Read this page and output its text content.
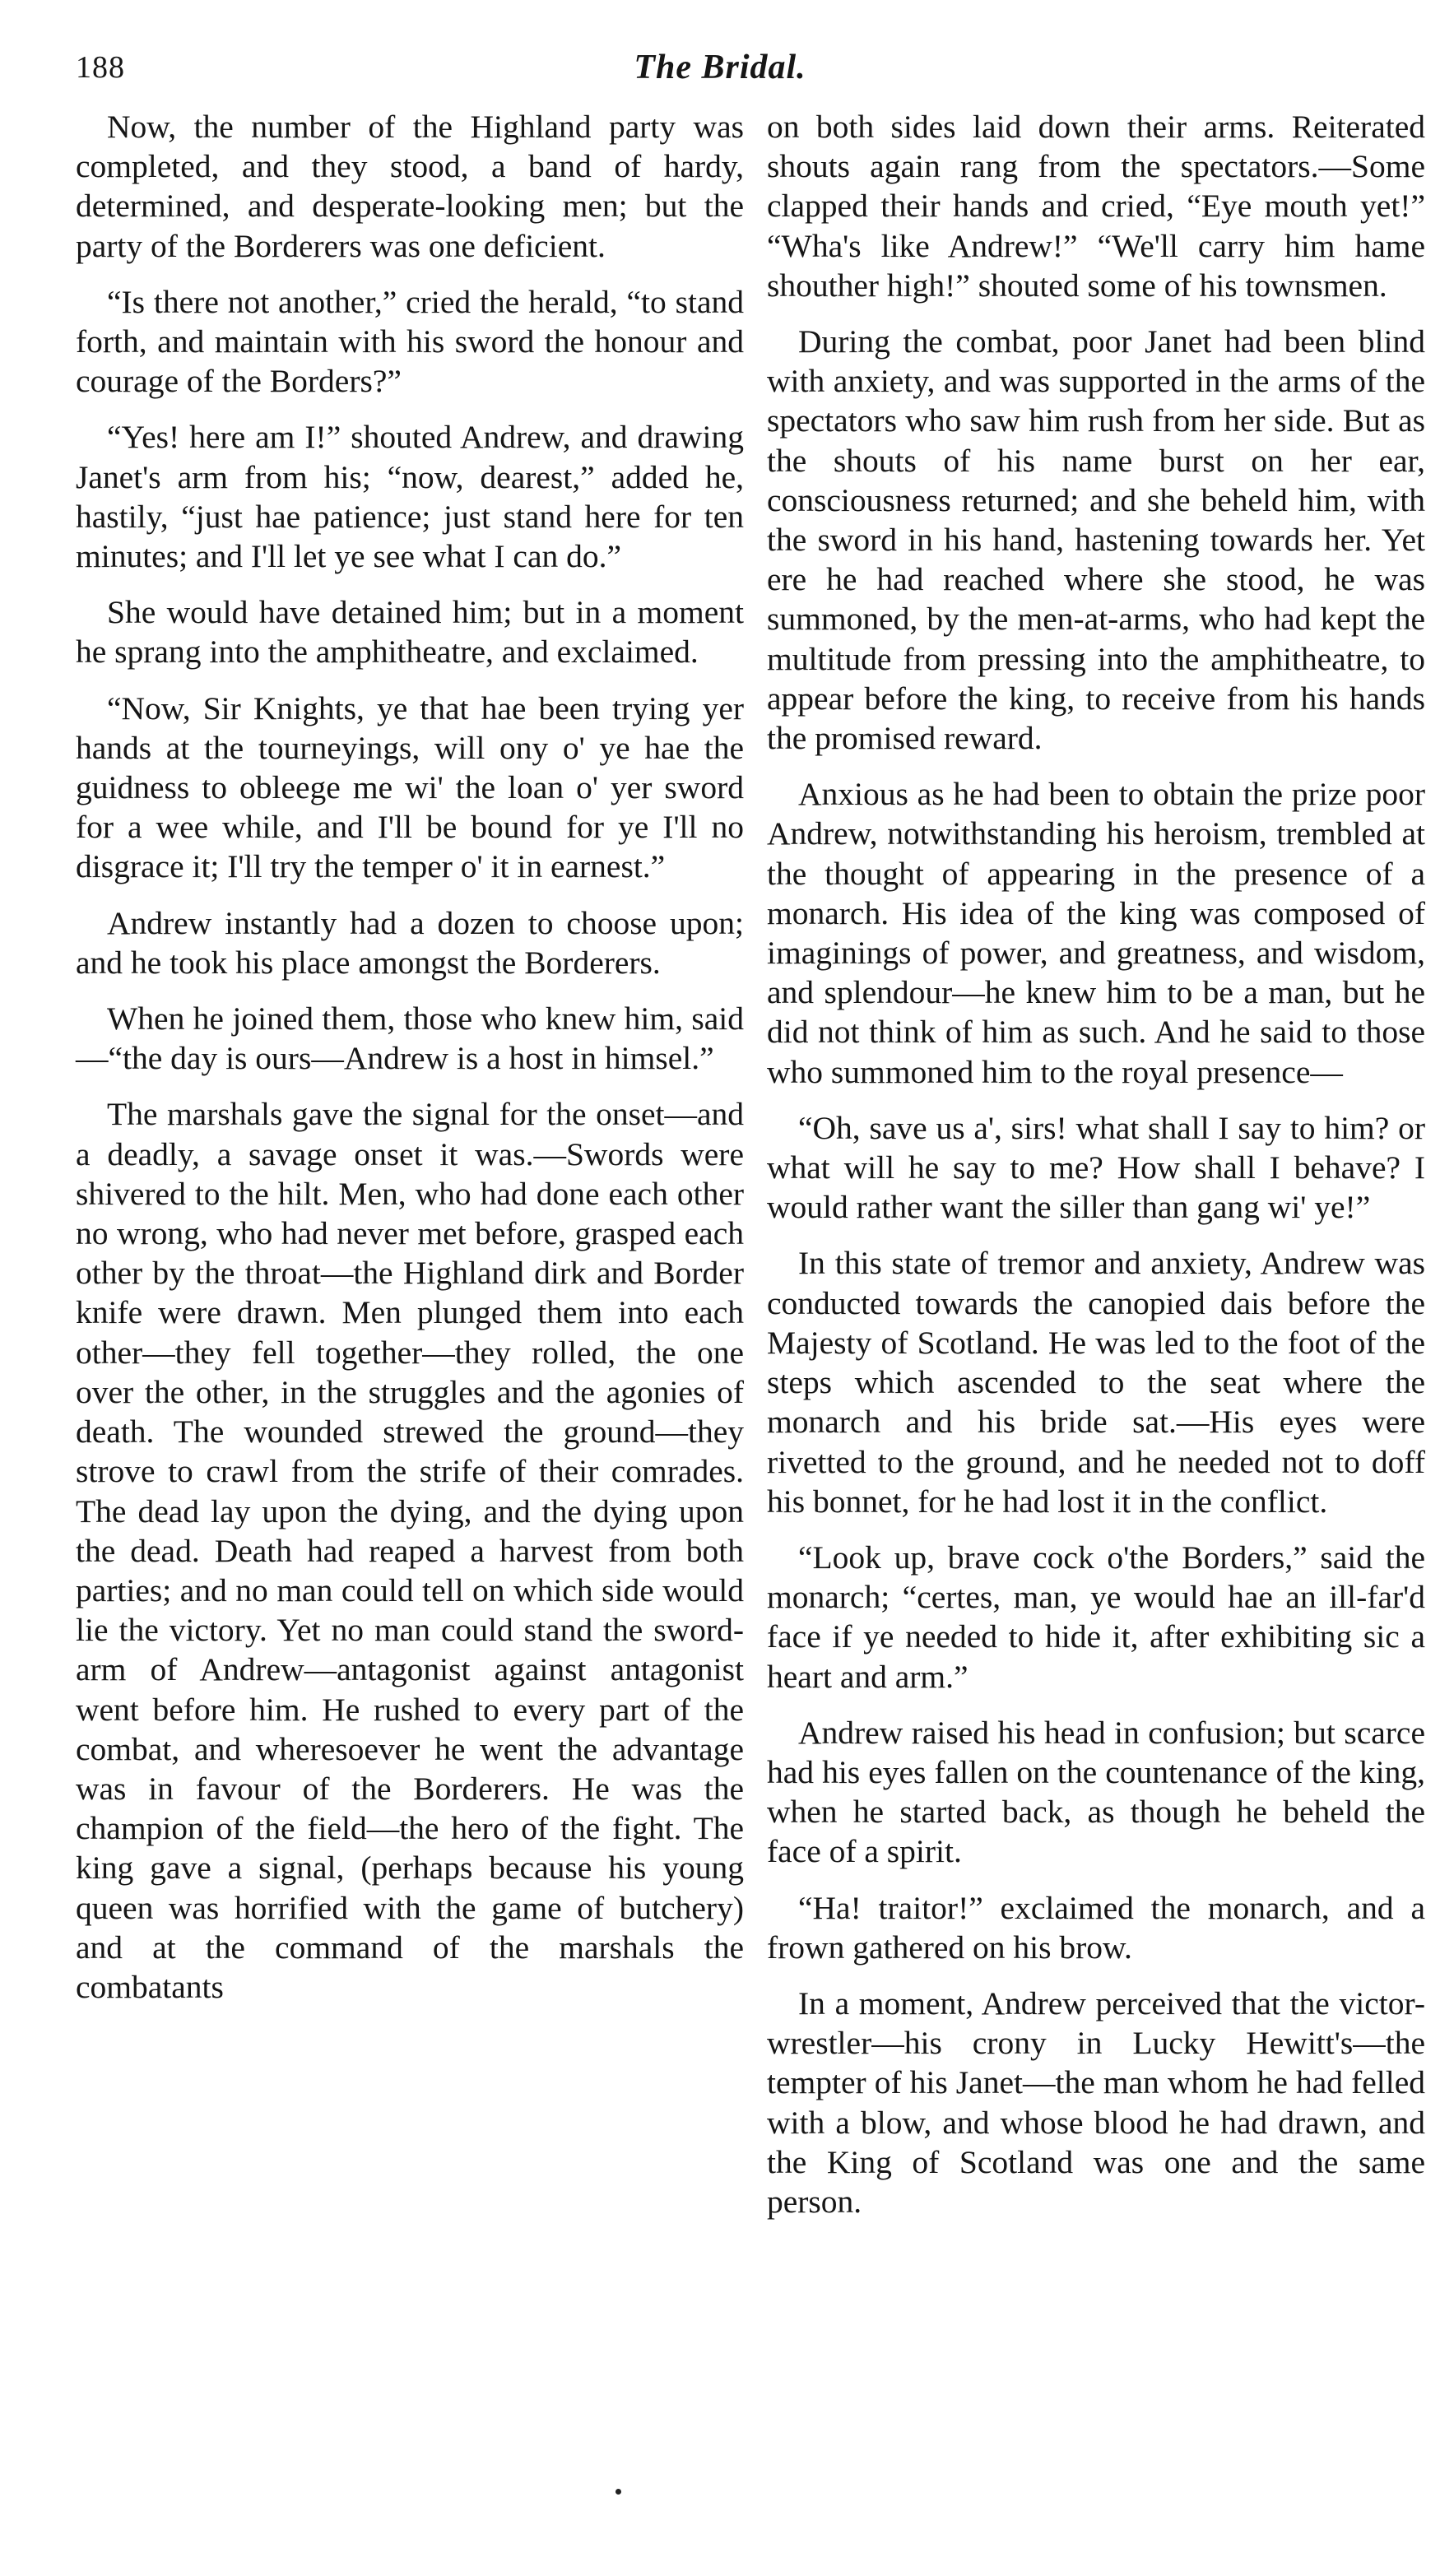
188	The Bridal.

Now, the number of the Highland party was completed, and they stood, a band of hardy, determined, and desperate-looking men; but the party of the Borderers was one deficient.

“Is there not another,” cried the herald, “to stand forth, and maintain with his sword the honour and courage of the Borders?”

“Yes! here am I!” shouted Andrew, and drawing Janet's arm from his; “now, dearest,” added he, hastily, “just hae patience; just stand here for ten minutes; and I'll let ye see what I can do.”

She would have detained him; but in a moment he sprang into the amphitheatre, and exclaimed.

“Now, Sir Knights, ye that hae been trying yer hands at the tourneyings, will ony o' ye hae the guidness to obleege me wi' the loan o' yer sword for a wee while, and I'll be bound for ye I'll no disgrace it; I'll try the temper o' it in earnest.”

Andrew instantly had a dozen to choose upon; and he took his place amongst the Borderers.

When he joined them, those who knew him, said—“the day is ours—Andrew is a host in himsel.”

The marshals gave the signal for the onset—and a deadly, a savage onset it was.—Swords were shivered to the hilt. Men, who had done each other no wrong, who had never met before, grasped each other by the throat—the Highland dirk and Border knife were drawn. Men plunged them into each other—they fell together—they rolled, the one over the other, in the struggles and the agonies of death. The wounded strewed the ground—they strove to crawl from the strife of their comrades. The dead lay upon the dying, and the dying upon the dead. Death had reaped a harvest from both parties; and no man could tell on which side would lie the victory. Yet no man could stand the sword-arm of Andrew—antagonist against antagonist went before him. He rushed to every part of the combat, and wheresoever he went the advantage was in favour of the Borderers. He was the champion of the field—the hero of the fight. The king gave a signal, (perhaps because his young queen was horrified with the game of butchery) and at the command of the marshals the combatants

on both sides laid down their arms. Reiterated shouts again rang from the spectators.—Some clapped their hands and cried, “Eye mouth yet!” “Wha's like Andrew!” “We'll carry him hame shouther high!” shouted some of his townsmen.

During the combat, poor Janet had been blind with anxiety, and was supported in the arms of the spectators who saw him rush from her side. But as the shouts of his name burst on her ear, consciousness returned; and she beheld him, with the sword in his hand, hastening towards her. Yet ere he had reached where she stood, he was summoned, by the men-at-arms, who had kept the multitude from pressing into the amphitheatre, to appear before the king, to receive from his hands the promised reward.

Anxious as he had been to obtain the prize poor Andrew, notwithstanding his heroism, trembled at the thought of appearing in the presence of a monarch. His idea of the king was composed of imaginings of power, and greatness, and wisdom, and splendour—he knew him to be a man, but he did not think of him as such. And he said to those who summoned him to the royal presence—

“Oh, save us a', sirs! what shall I say to him? or what will he say to me? How shall I behave? I would rather want the siller than gang wi' ye!”

In this state of tremor and anxiety, Andrew was conducted towards the canopied dais before the Majesty of Scotland. He was led to the foot of the steps which ascended to the seat where the monarch and his bride sat.—His eyes were rivetted to the ground, and he needed not to doff his bonnet, for he had lost it in the conflict.

“Look up, brave cock o'the Borders,” said the monarch; “certes, man, ye would hae an ill-far'd face if ye needed to hide it, after exhibiting sic a heart and arm.”

Andrew raised his head in confusion; but scarce had his eyes fallen on the countenance of the king, when he started back, as though he beheld the face of a spirit.

“Ha! traitor!” exclaimed the monarch, and a frown gathered on his brow.

In a moment, Andrew perceived that the victor-wrestler—his crony in Lucky Hewitt's—the tempter of his Janet—the man whom he had felled with a blow, and whose blood he had drawn, and the King of Scotland was one and the same person.
